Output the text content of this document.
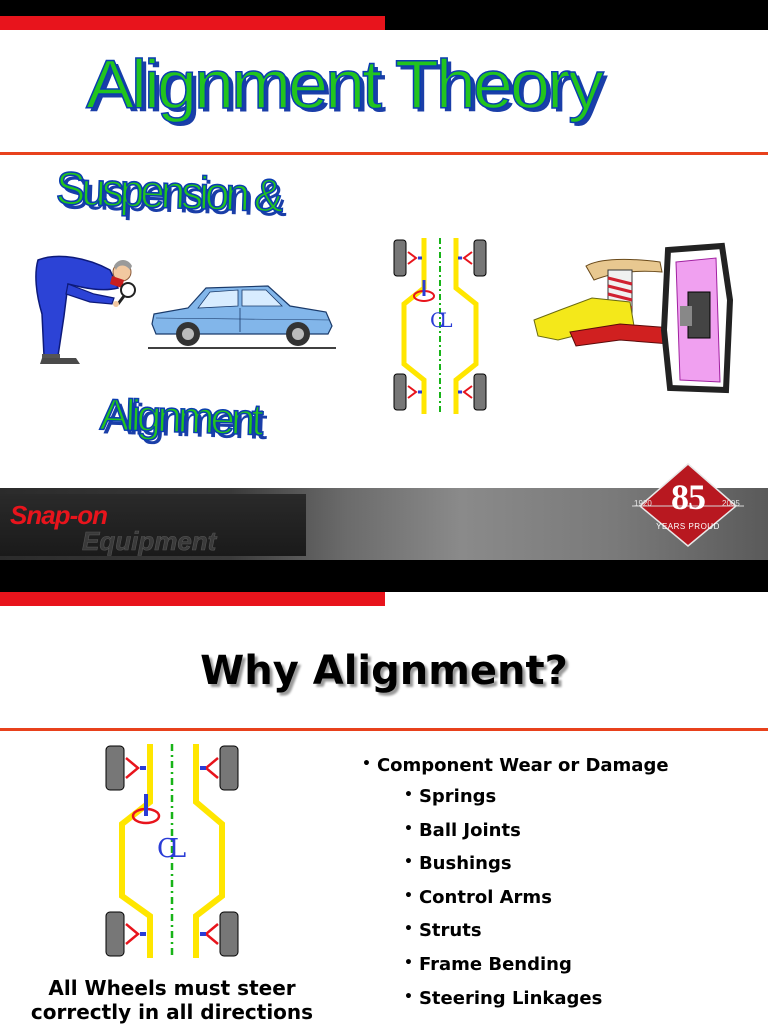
Alignment Theory
Suspension &
Alignment
CL
Snap-on
Equipment
85
1920	2005
YEARS PROUD
Why Alignment?
CL
• Component Wear or Damage
• Springs
• Ball Joints
• Bushings
• Control Arms
• Struts
• Frame Bending
• Steering Linkages
All Wheels must steer
correctly in all directions
